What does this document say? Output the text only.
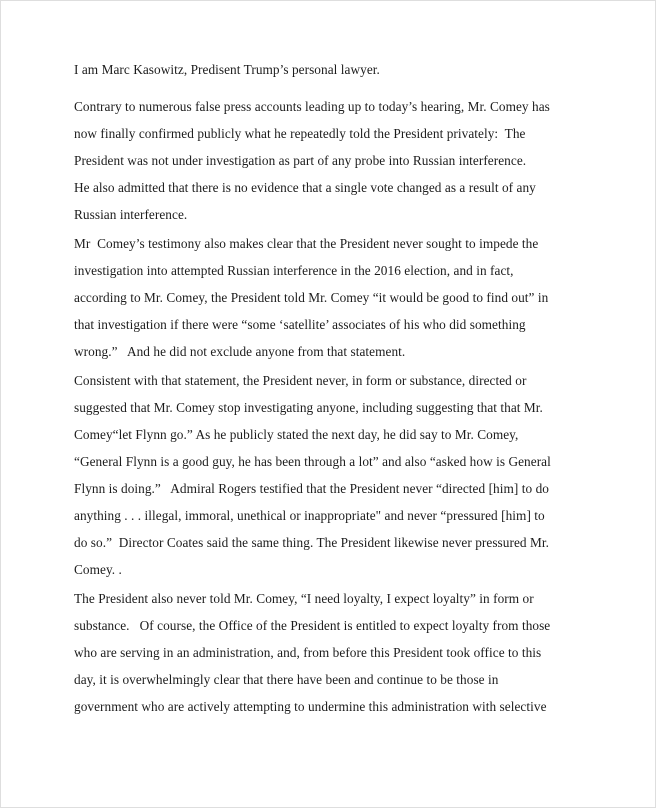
I am Marc Kasowitz, Predisent Trump’s personal lawyer.
Contrary to numerous false press accounts leading up to today’s hearing, Mr. Comey has
now finally confirmed publicly what he repeatedly told the President privately:  The
President was not under investigation as part of any probe into Russian interference.
He also admitted that there is no evidence that a single vote changed as a result of any
Russian interference.
Mr  Comey’s testimony also makes clear that the President never sought to impede the
investigation into attempted Russian interference in the 2016 election, and in fact,
according to Mr. Comey, the President told Mr. Comey “it would be good to find out” in
that investigation if there were “some ‘satellite’ associates of his who did something
wrong.”   And he did not exclude anyone from that statement.
Consistent with that statement, the President never, in form or substance, directed or
suggested that Mr. Comey stop investigating anyone, including suggesting that that Mr.
Comey“let Flynn go.” As he publicly stated the next day, he did say to Mr. Comey,
“General Flynn is a good guy, he has been through a lot” and also “asked how is General
Flynn is doing.”   Admiral Rogers testified that the President never “directed [him] to do
anything . . . illegal, immoral, unethical or inappropriate" and never “pressured [him] to
do so.”  Director Coates said the same thing. The President likewise never pressured Mr.
Comey. .
The President also never told Mr. Comey, “I need loyalty, I expect loyalty” in form or
substance.   Of course, the Office of the President is entitled to expect loyalty from those
who are serving in an administration, and, from before this President took office to this
day, it is overwhelmingly clear that there have been and continue to be those in
government who are actively attempting to undermine this administration with selective
